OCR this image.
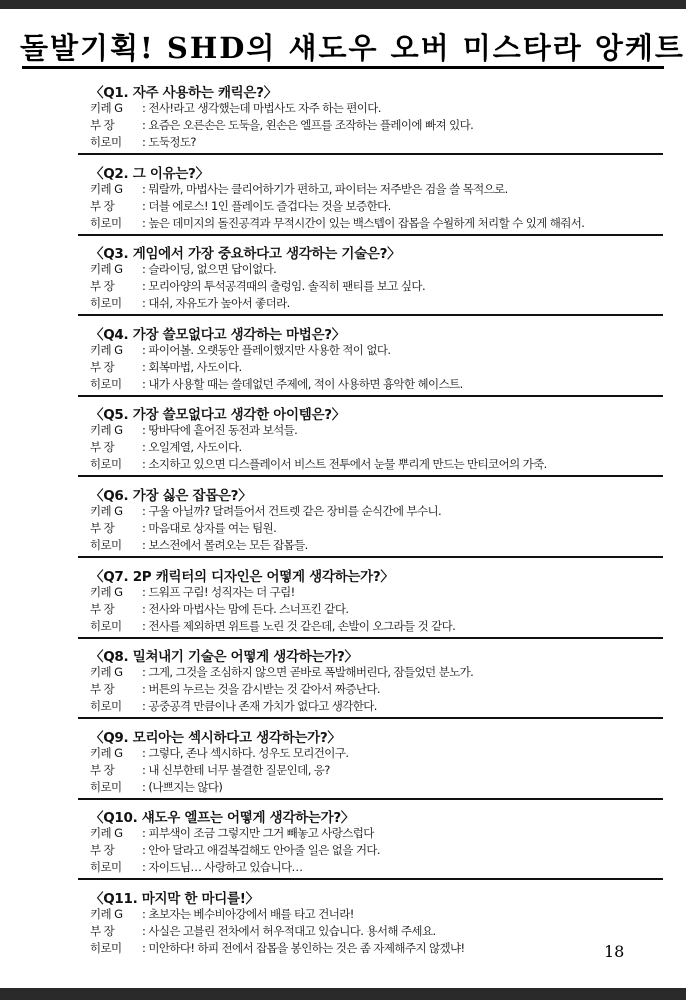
돌발기획! SHD의 섀도우 오버 미스타라 앙케트
〈Q1. 자주 사용하는 캐릭은?〉
키레 G : 전사!라고 생각했는데 마법사도 자주 하는 편이다.
부 장 : 요즘은 오른손은 도둑을, 왼손은 엘프를 조작하는 플레이에 빠져 있다.
히로미 : 도둑정도?
〈Q2. 그 이유는?〉
키레 G : 뭐랄까, 마법사는 클리어하기가 편하고, 파이터는 저주받은 검을 쓸 목적으로.
부 장 : 더블 에로스! 1인 플레이도 즐겁다는 것을 보증한다.
히로미 : 높은 데미지의 돌진공격과 무적시간이 있는 백스텝이 잡몹을 수월하게 처리할 수 있게 해줘서.
〈Q3. 게임에서 가장 중요하다고 생각하는 기술은?〉
키레 G : 슬라이딩, 없으면 답이없다.
부 장 : 모리아양의 투석공격때의 출렁임. 솔직히 팬티를 보고 싶다.
히로미 : 대쉬, 자유도가 높아서 좋더라.
〈Q4. 가장 쓸모없다고 생각하는 마법은?〉
키레 G : 파이어볼. 오랫동안 플레이했지만 사용한 적이 없다.
부 장 : 회복마법, 사도이다.
히로미 : 내가 사용할 때는 쓸데없던 주제에, 적이 사용하면 흉악한 헤이스트.
〈Q5. 가장 쓸모없다고 생각한 아이템은?〉
키레 G : 땅바닥에 흩어진 동전과 보석들.
부 장 : 오일계열, 사도이다.
히로미 : 소지하고 있으면 디스플레이서 비스트 전투에서 눈물 뿌리게 만드는 만티코어의 가죽.
〈Q6. 가장 싫은 잡몹은?〉
키레 G : 구울 아닐까? 달려들어서 건트렛 같은 장비를 순식간에 부수니.
부 장 : 마음대로 상자를 여는 팀원.
히로미 : 보스전에서 몰려오는 모든 잡몹들.
〈Q7. 2P 캐릭터의 디자인은 어떻게 생각하는가?〉
키레 G : 드워프 구림! 성직자는 더 구림!
부 장 : 전사와 마법사는 맘에 든다. 스너프킨 같다.
히로미 : 전사를 제외하면 위트를 노린 것 같은데, 손발이 오그라들 것 같다.
〈Q8. 밀쳐내기 기술은 어떻게 생각하는가?〉
키레 G : 그게, 그것을 조심하지 않으면 곧바로 폭발해버린다, 잠들었던 분노가.
부 장 : 버튼의 누르는 것을 감시받는 것 같아서 짜증난다.
히로미 : 공중공격 만큼이나 존재 가치가 없다고 생각한다.
〈Q9. 모리아는 섹시하다고 생각하는가?〉
키레 G : 그렇다, 존나 섹시하다. 성우도 모리건이구.
부 장 : 내 신부한테 너무 불결한 질문인데, 응?
히로미 : (나쁘지는 않다)
〈Q10. 섀도우 엘프는 어떻게 생각하는가?〉
키레 G : 피부색이 조금 그렇지만 그거 빼놓고 사랑스럽다
부 장 : 안아 달라고 애걸복걸해도 안아줄 일은 없을 거다.
히로미 : 자이드님… 사랑하고 있습니다…
〈Q11. 마지막 한 마디를!〉
키레 G : 초보자는 베수비아강에서 배를 타고 건너라!
부 장 : 사실은 고블린 전차에서 허우적대고 있습니다. 용서해 주세요.
히로미 : 미안하다! 하피 전에서 잡몹을 봉인하는 것은 좀 자제해주지 않겠냐!	18
